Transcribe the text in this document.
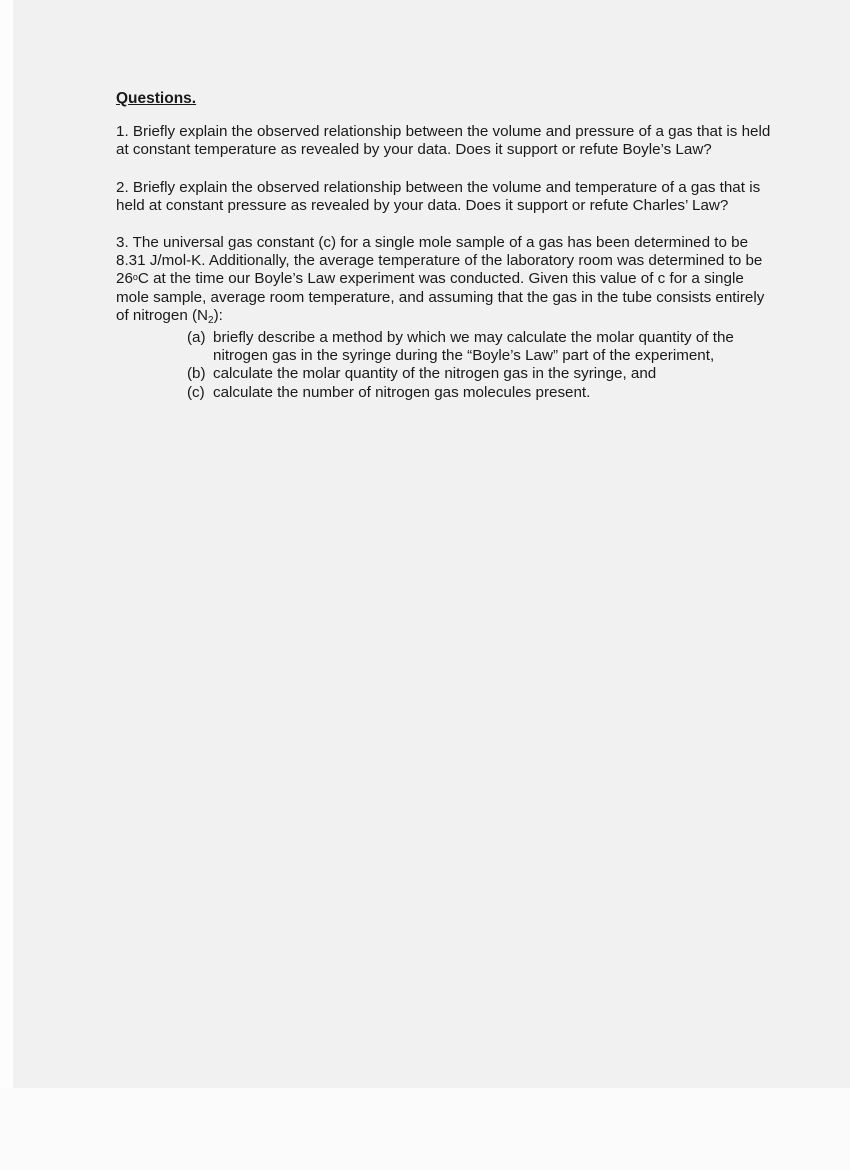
Questions.

1. Briefly explain the observed relationship between the volume and pressure of a gas that is held at constant temperature as revealed by your data. Does it support or refute Boyle’s Law?

2. Briefly explain the observed relationship between the volume and temperature of a gas that is held at constant pressure as revealed by your data. Does it support or refute Charles’ Law?

3. The universal gas constant (c) for a single mole sample of a gas has been determined to be 8.31 J/mol-K. Additionally, the average temperature of the laboratory room was determined to be 26$^o$C at the time our Boyle’s Law experiment was conducted. Given this value of c for a single mole sample, average room temperature, and assuming that the gas in the tube consists entirely of nitrogen $(N_2)$:

(a) briefly describe a method by which we may calculate the molar quantity of the nitrogen gas in the syringe during the “Boyle’s Law” part of the experiment,

(b) calculate the molar quantity of the nitrogen gas in the syringe, and

(c) calculate the number of nitrogen gas molecules present.
